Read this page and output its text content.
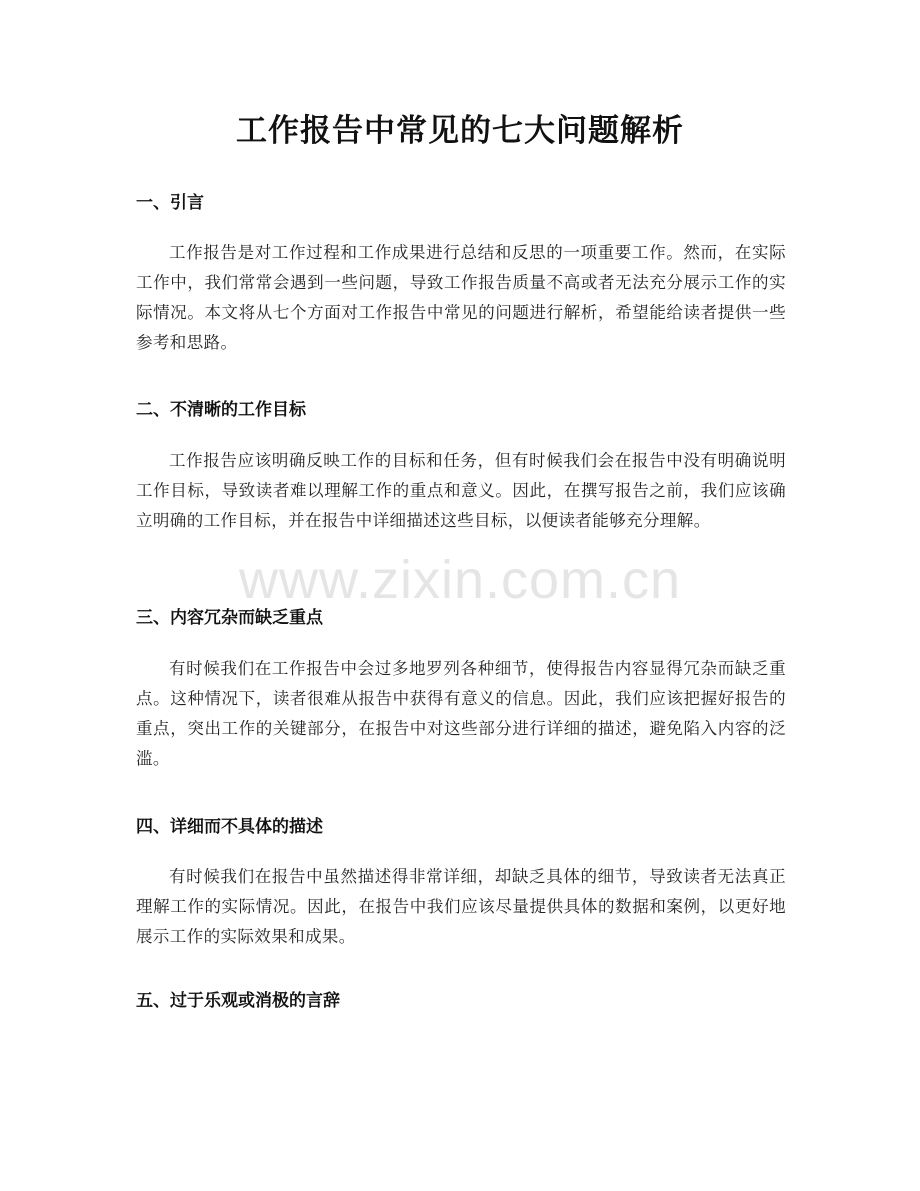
工作报告中常见的七大问题解析
一、引言

工作报告是对工作过程和工作成果进行总结和反思的一项重要工作。然而，在实际工作中，我们常常会遇到一些问题，导致工作报告质量不高或者无法充分展示工作的实际情况。本文将从七个方面对工作报告中常见的问题进行解析，希望能给读者提供一些参考和思路。

二、不清晰的工作目标

工作报告应该明确反映工作的目标和任务，但有时候我们会在报告中没有明确说明工作目标，导致读者难以理解工作的重点和意义。因此，在撰写报告之前，我们应该确立明确的工作目标，并在报告中详细描述这些目标，以便读者能够充分理解。

三、内容冗杂而缺乏重点

有时候我们在工作报告中会过多地罗列各种细节，使得报告内容显得冗杂而缺乏重点。这种情况下，读者很难从报告中获得有意义的信息。因此，我们应该把握好报告的重点，突出工作的关键部分，在报告中对这些部分进行详细的描述，避免陷入内容的泛滥。

四、详细而不具体的描述

有时候我们在报告中虽然描述得非常详细，却缺乏具体的细节，导致读者无法真正理解工作的实际情况。因此，在报告中我们应该尽量提供具体的数据和案例，以更好地展示工作的实际效果和成果。

五、过于乐观或消极的言辞
www.zixin.com.cn
